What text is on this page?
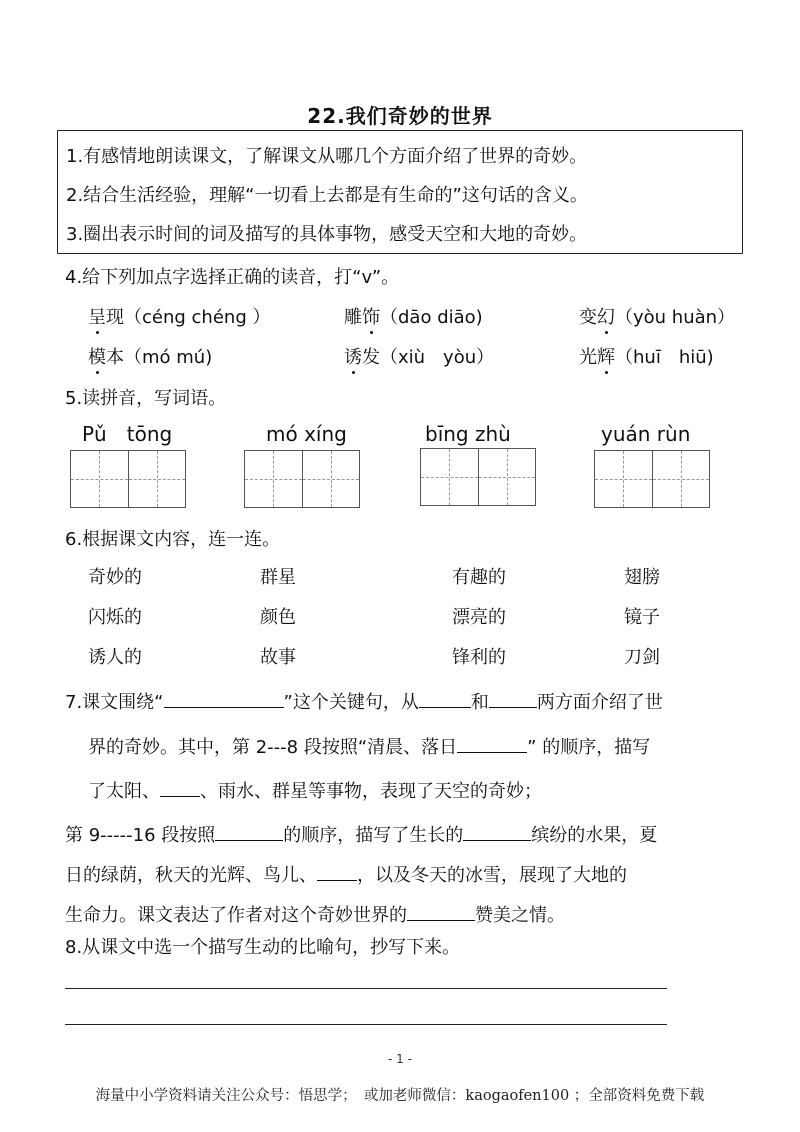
22.我们奇妙的世界
1.有感情地朗读课文，了解课文从哪几个方面介绍了世界的奇妙。
2.结合生活经验，理解“一切看上去都是有生命的”这句话的含义。
3.圈出表示时间的词及描写的具体事物，感受天空和大地的奇妙。
4.给下列加点字选择正确的读音，打“v”。
呈现（céng chéng ）	雕饰（dāo diāo)	变幻（yòu huàn）
模本（mó mú)	诱发（xiù　yòu）	光辉（huī　hiū)
5.读拼音，写词语。
Pǔ　tōng	mó xíng	bīng zhù	yuán rùn
6.根据课文内容，连一连。
奇妙的	群星	有趣的	翅膀
闪烁的	颜色	漂亮的	镜子
诱人的	故事	锋利的	刀剑
7.课文围绕“	”这个关键句，从	和	两方面介绍了世
界的奇妙。其中，第 2---8 段按照“清晨、落日	” 的顺序，描写
了太阳、 、雨水、群星等事物，表现了天空的奇妙；
第 9-----16 段按照	的顺序，描写了生长的	缤纷的水果，夏
日的绿荫，秋天的光辉、鸟儿、 ，以及冬天的冰雪，展现了大地的
生命力。课文表达了作者对这个奇妙世界的	赞美之情。
8.从课文中选一个描写生动的比喻句，抄写下来。
- 1 -
海量中小学资料请关注公众号：悟思学；　或加老师微信：kaogaofen100 ；全部资料免费下载
